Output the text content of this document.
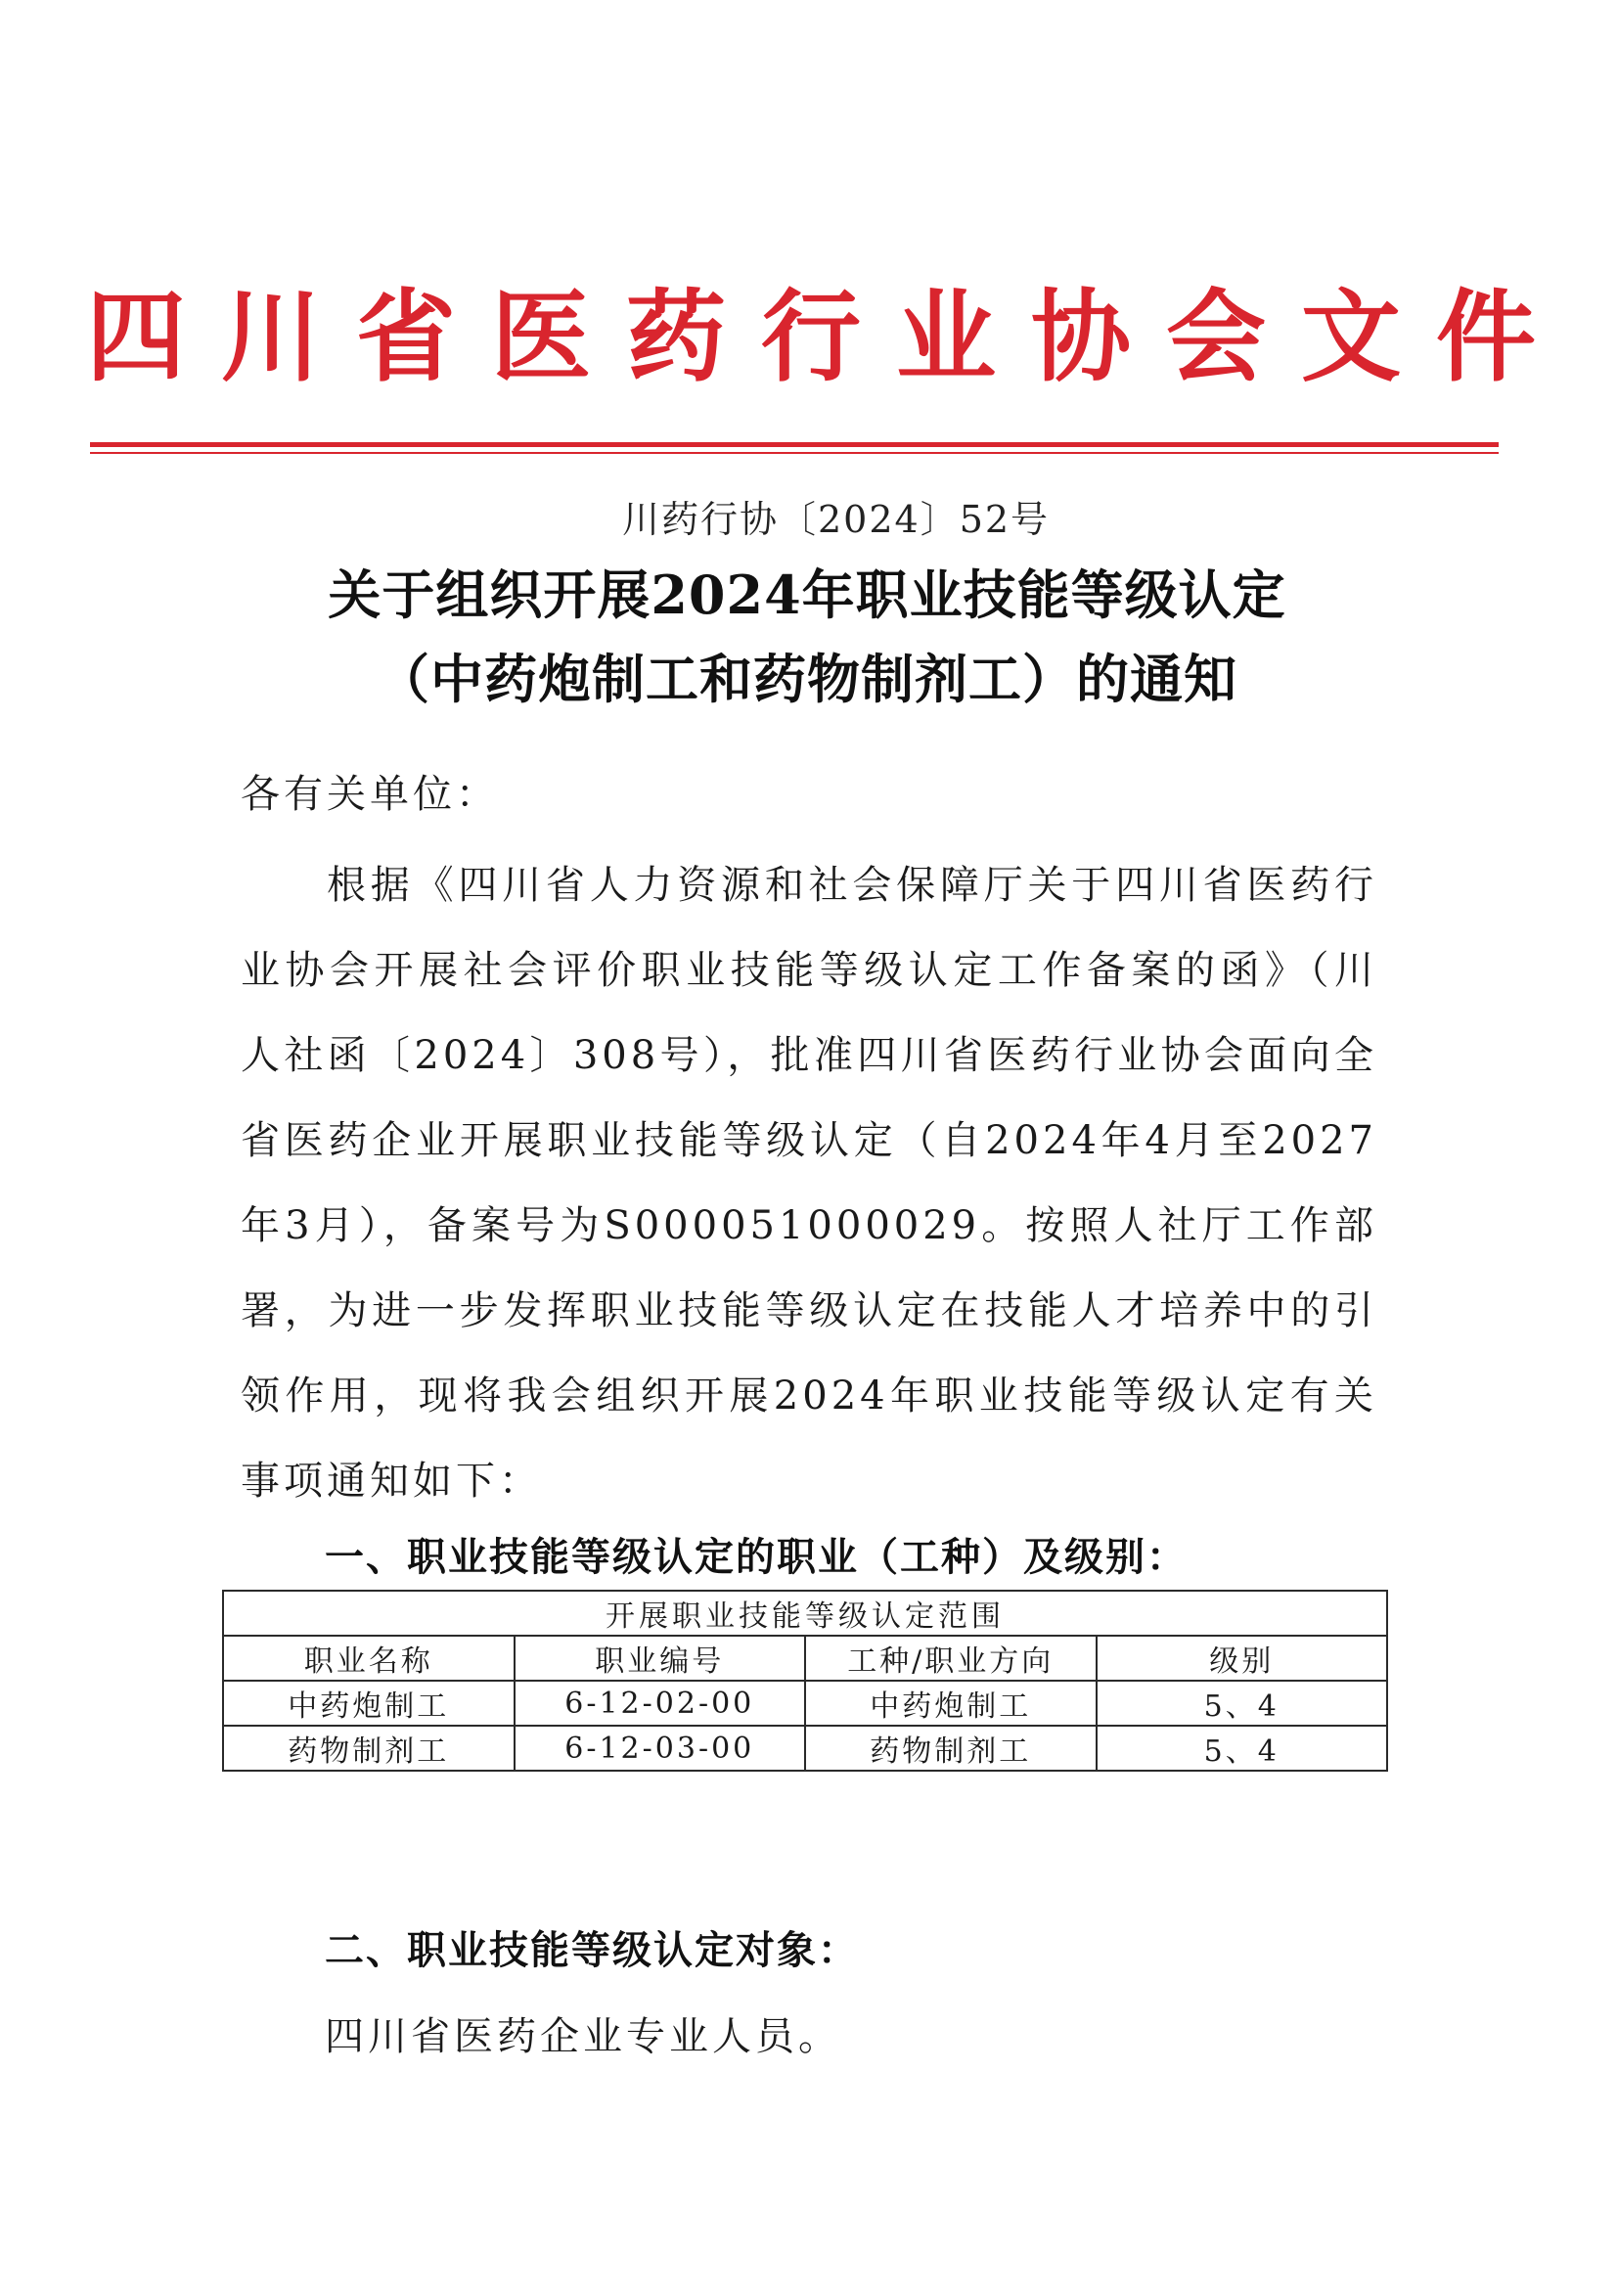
四川省医药行业协会文件
川药行协〔2024〕52号
关于组织开展2024年职业技能等级认定
（中药炮制工和药物制剂工）的通知
各有关单位：
根据《四川省人力资源和社会保障厅关于四川省医药行业协会开展社会评价职业技能等级认定工作备案的函》（川人社函〔2024〕308号），批准四川省医药行业协会面向全省医药企业开展职业技能等级认定（自2024年4月至2027年3月），备案号为S000051000029。按照人社厅工作部署，为进一步发挥职业技能等级认定在技能人才培养中的引领作用，现将我会组织开展2024年职业技能等级认定有关事项通知如下：
一、职业技能等级认定的职业（工种）及级别：
开展职业技能等级认定范围			
职业名称	职业编号	工种/职业方向	级别
中药炮制工	6-12-02-00	中药炮制工	5、4
药物制剂工	6-12-03-00	药物制剂工	5、4
二、职业技能等级认定对象：
四川省医药企业专业人员。
